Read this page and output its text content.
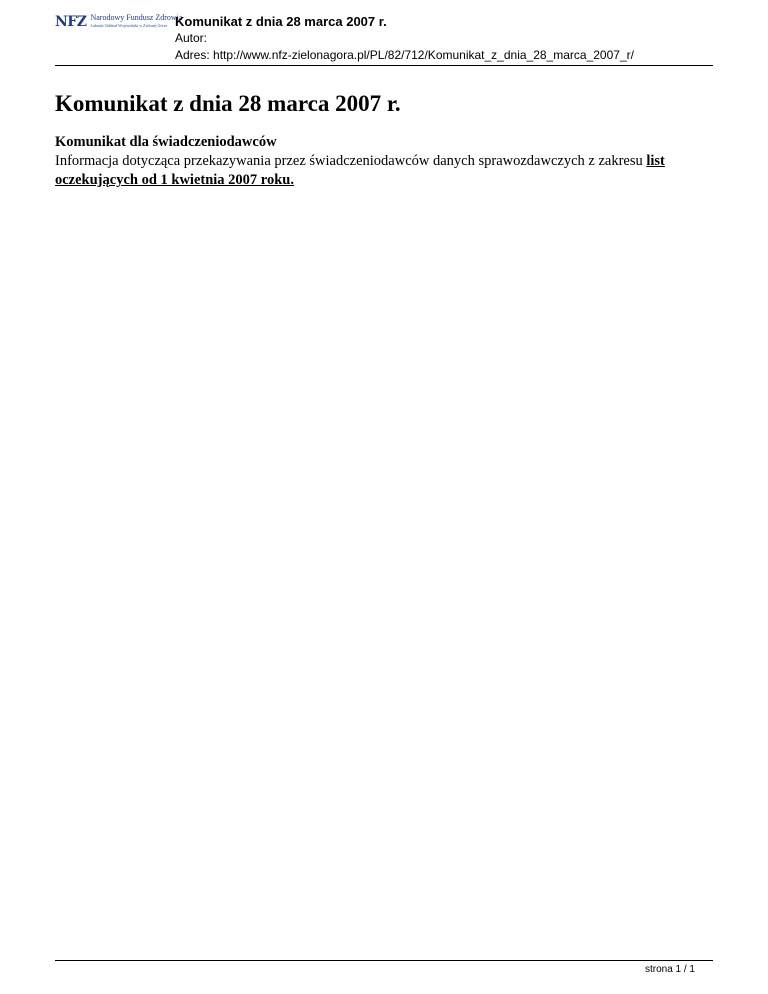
NFZ Narodowy Fundusz Zdrowia
Lubuski Oddział Wojewódzki w Zielonej Górze Komunikat z dnia 28 marca 2007 r.
Autor:
Adres: http://www.nfz-zielonagora.pl/PL/82/712/Komunikat_z_dnia_28_marca_2007_r/
Komunikat z dnia 28 marca 2007 r.
Komunikat dla świadczeniodawców
Informacja dotycząca przekazywania przez świadczeniodawców danych sprawozdawczych z zakresu list oczekujących od 1 kwietnia 2007 roku.
strona 1 / 1
